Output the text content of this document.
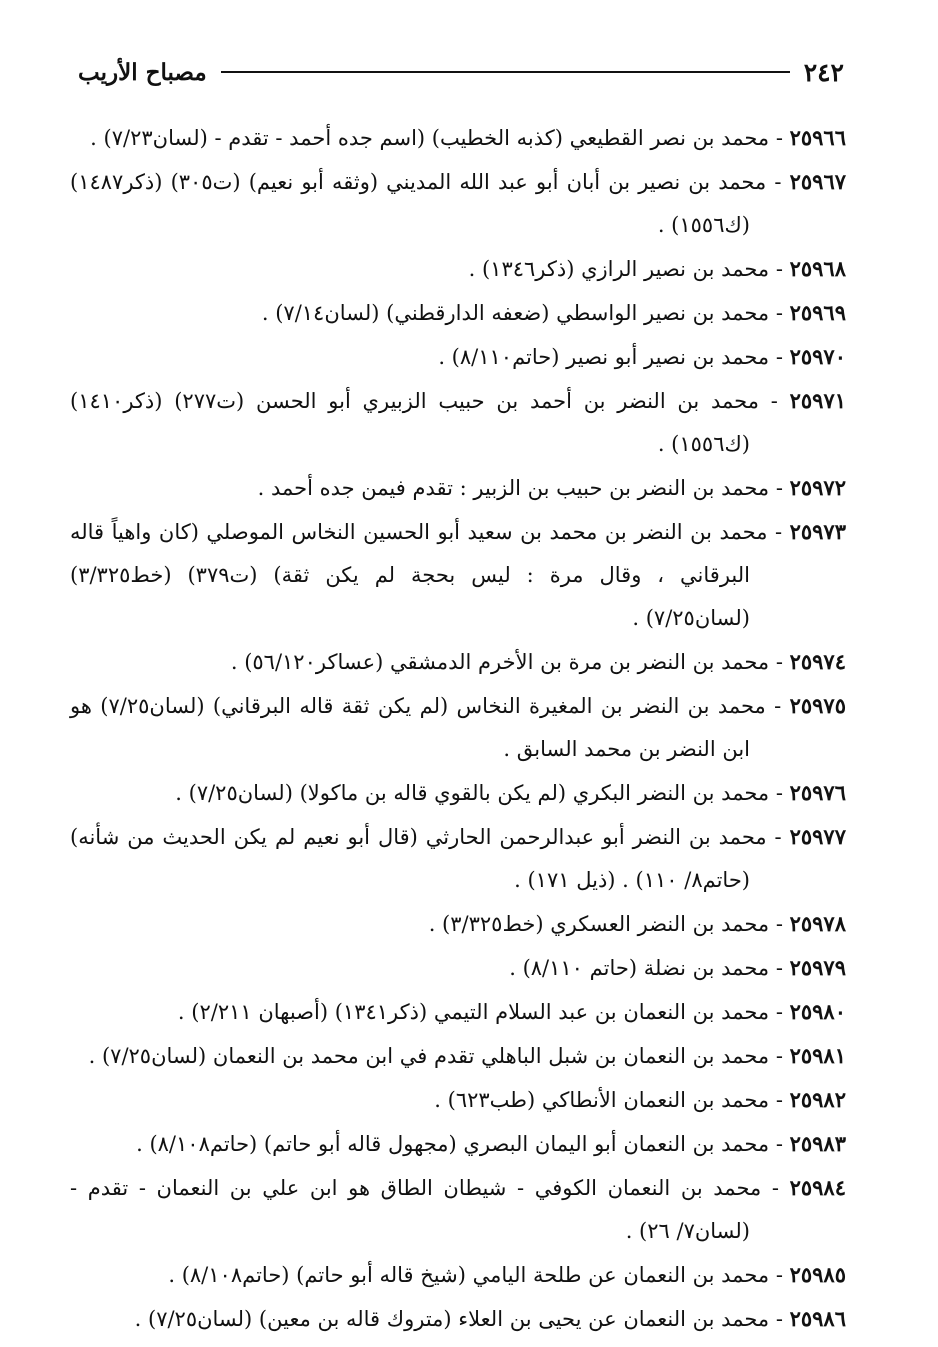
٢٤٢
مصباح الأريب

٢٥٩٦٦ - محمد بن نصر القطيعي (كذبه الخطيب) (اسم جده أحمد - تقدم - (لسان٧/٢٣) .

٢٥٩٦٧ - محمد بن نصير بن أبان أبو عبد الله المديني (وثقه أبو نعيم) (ت٣٠٥) (ذكر١٤٨٧) (ك١٥٥٦) .

٢٥٩٦٨ - محمد بن نصير الرازي (ذكر١٣٤٦) .

٢٥٩٦٩ - محمد بن نصير الواسطي (ضعفه الدارقطني) (لسان٧/١٤) .

٢٥٩٧٠ - محمد بن نصير أبو نصير (حاتم٨/١١٠) .

٢٥٩٧١ - محمد بن النضر بن أحمد بن حبيب الزبيري أبو الحسن (ت٢٧٧) (ذكر١٤١٠) (ك١٥٥٦) .

٢٥٩٧٢ - محمد بن النضر بن حبيب بن الزبير : تقدم فيمن جده أحمد .

٢٥٩٧٣ - محمد بن النضر بن محمد بن سعيد أبو الحسين النخاس الموصلي (كان واهياً قاله البرقاني ، وقال مرة : ليس بحجة لم يكن ثقة) (ت٣٧٩) (خط٣/٣٢٥) (لسان٧/٢٥) .

٢٥٩٧٤ - محمد بن النضر بن مرة بن الأخرم الدمشقي (عساكر٥٦/١٢٠) .

٢٥٩٧٥ - محمد بن النضر بن المغيرة النخاس (لم يكن ثقة قاله البرقاني) (لسان٧/٢٥) هو ابن النضر بن محمد السابق .

٢٥٩٧٦ - محمد بن النضر البكري (لم يكن بالقوي قاله بن ماكولا) (لسان٧/٢٥) .

٢٥٩٧٧ - محمد بن النضر أبو عبدالرحمن الحارثي (قال أبو نعيم لم يكن الحديث من شأنه) (حاتم٨/ ١١٠) . (ذيل ١٧١) .

٢٥٩٧٨ - محمد بن النضر العسكري (خط٣/٣٢٥) .

٢٥٩٧٩ - محمد بن نضلة (حاتم ٨/١١٠) .

٢٥٩٨٠ - محمد بن النعمان بن عبد السلام التيمي (ذكر١٣٤١) (أصبهان ٢/٢١١) .

٢٥٩٨١ - محمد بن النعمان بن شبل الباهلي تقدم في ابن محمد بن النعمان (لسان٧/٢٥) .

٢٥٩٨٢ - محمد بن النعمان الأنطاكي (طب٦٢٣) .

٢٥٩٨٣ - محمد بن النعمان أبو اليمان البصري (مجهول قاله أبو حاتم) (حاتم٨/١٠٨) .

٢٥٩٨٤ - محمد بن النعمان الكوفي - شيطان الطاق هو ابن علي بن النعمان - تقدم - (لسان٧/ ٢٦) .

٢٥٩٨٥ - محمد بن النعمان عن طلحة اليامي (شيخ قاله أبو حاتم) (حاتم٨/١٠٨) .

٢٥٩٨٦ - محمد بن النعمان عن يحيى بن العلاء (متروك قاله بن معين) (لسان٧/٢٥) .
